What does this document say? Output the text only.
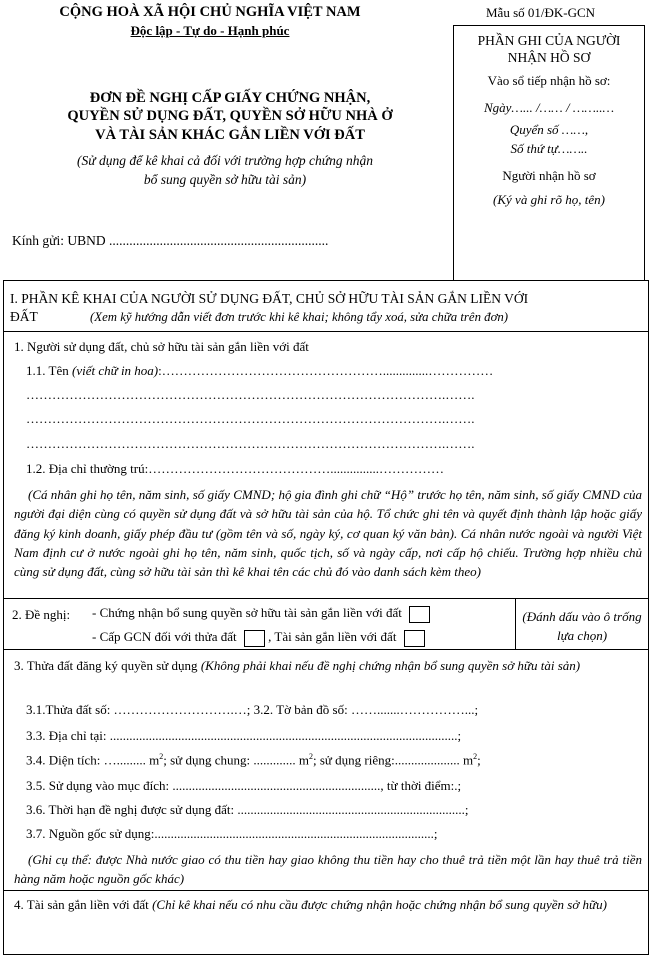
CỘNG HOÀ XÃ HỘI CHỦ NGHĨA VIỆT NAM
Độc lập - Tự do - Hạnh phúc
Mẫu số 01/ĐK-GCN
PHẦN GHI CỦA NGƯỜI
NHẬN HỒ SƠ
Vào sổ tiếp nhận hồ sơ:
Ngày…... /…… / ……..…
Quyển số ……,
Số thứ tự……..
Người nhận hồ sơ
(Ký và ghi rõ họ, tên)
ĐƠN ĐỀ NGHỊ CẤP GIẤY CHỨNG NHẬN,
QUYỀN SỬ DỤNG ĐẤT, QUYỀN SỞ HỮU NHÀ Ở
VÀ TÀI SẢN KHÁC GẮN LIỀN VỚI ĐẤT
(Sử dụng để kê khai cả đối với trường hợp chứng nhận
bổ sung quyền sở hữu tài sản)
Kính gửi: UBND .................................................................
I. PHẦN KÊ KHAI CỦA NGƯỜI SỬ DỤNG ĐẤT, CHỦ SỞ HỮU TÀI SẢN GẮN LIỀN VỚI
ĐẤT	(Xem kỹ hướng dẫn viết đơn trước khi kê khai; không tẩy xoá, sửa chữa trên đơn)
1. Người sử dụng đất, chủ sở hữu tài sản gắn liền với đất
1.1. Tên (viết chữ in hoa):……………………………………………..............……………
…………………………………………………………………………………….…….
…………………………………………………………………………………….…….
…………………………………………………………………………………….…….
1.2. Địa chỉ thường trú:……………………………………...............……………
(Cá nhân ghi họ tên, năm sinh, số giấy CMND; hộ gia đình ghi chữ “Hộ” trước họ tên, năm sinh, số giấy CMND của người đại diện cùng có quyền sử dụng đất và sở hữu tài sản của hộ. Tổ chức ghi tên và quyết định thành lập hoặc giấy đăng ký kinh doanh, giấy phép đầu tư (gồm tên và số, ngày ký, cơ quan ký văn bản). Cá nhân nước ngoài và người Việt Nam định cư ở nước ngoài ghi họ tên, năm sinh, quốc tịch, số và ngày cấp, nơi cấp hộ chiếu. Trường hợp nhiều chủ cùng sử dụng đất, cùng sở hữu tài sản thì kê khai tên các chủ đó vào danh sách kèm theo)
2. Đề nghị: - Chứng nhận bổ sung quyền sở hữu tài sản gắn liền với đất
- Cấp GCN đối với thửa đất , Tài sản gắn liền với đất
(Đánh dấu vào ô trống lựa chọn)
3. Thửa đất đăng ký quyền sử dụng (Không phải khai nếu đề nghị chứng nhận bổ sung quyền sở hữu tài sản)
3.1.Thửa đất số: ……………………….…; 3.2. Tờ bản đồ số: …….......……………...;
3.3. Địa chỉ tại: ...........................................................................................................;
3.4. Diện tích: …......... $m^2$; sử dụng chung: ............. $m^2$; sử dụng riêng:.................... $m^2$;
3.5. Sử dụng vào mục đích: ................................................................, từ thời điểm:.;
3.6. Thời hạn đề nghị được sử dụng đất: ......................................................................;
3.7. Nguồn gốc sử dụng:......................................................................................;
(Ghi cụ thể: được Nhà nước giao có thu tiền hay giao không thu tiền hay cho thuê trả tiền một lần hay thuê trả tiền hàng năm hoặc nguồn gốc khác)
4. Tài sản gắn liền với đất (Chỉ kê khai nếu có nhu cầu được chứng nhận hoặc chứng nhận bổ sung quyền sở hữu)
